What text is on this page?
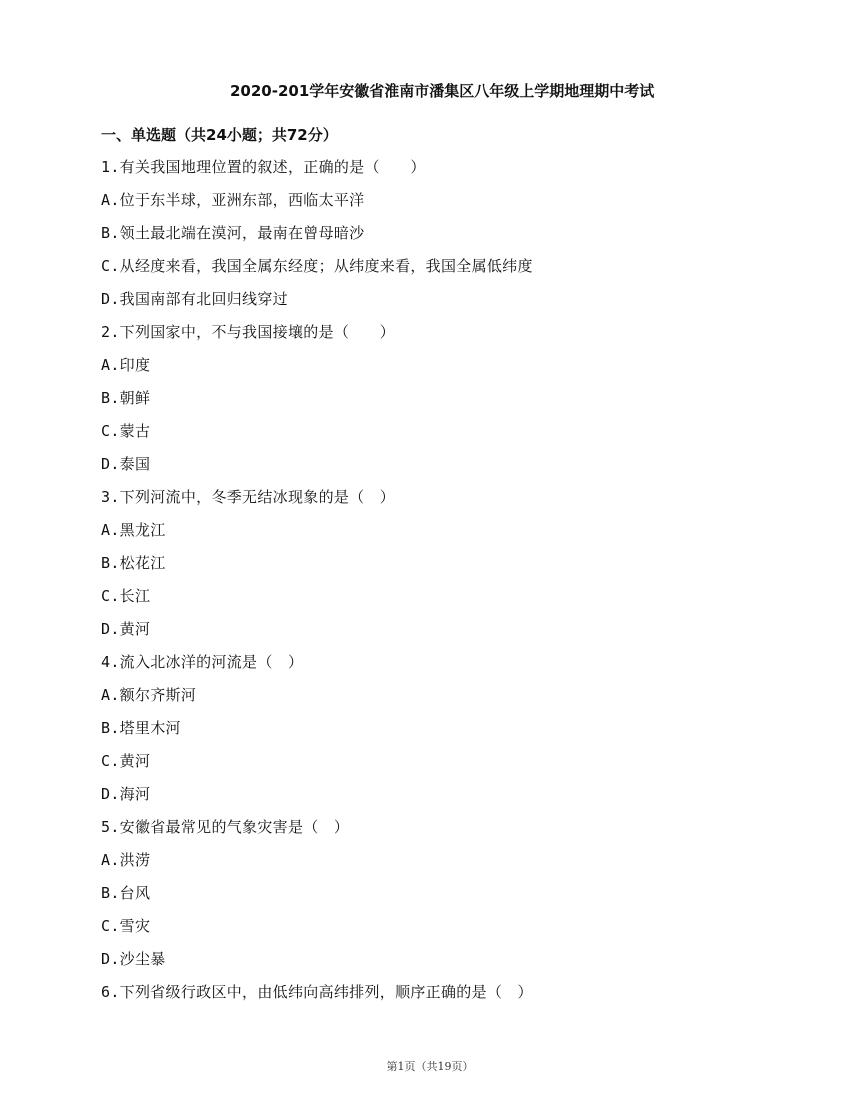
2020-201学年安徽省淮南市潘集区八年级上学期地理期中考试
一、单选题（共24小题；共72分）
1.有关我国地理位置的叙述，正确的是（　　）
A.位于东半球，亚洲东部，西临太平洋
B.领土最北端在漠河，最南在曾母暗沙
C.从经度来看，我国全属东经度；从纬度来看，我国全属低纬度
D.我国南部有北回归线穿过
2.下列国家中，不与我国接壤的是（　　）
A.印度
B.朝鲜
C.蒙古
D.泰国
3.下列河流中，冬季无结冰现象的是（　）
A.黑龙江
B.松花江
C.长江
D.黄河
4.流入北冰洋的河流是（　）
A.额尔齐斯河
B.塔里木河
C.黄河
D.海河
5.安徽省最常见的气象灾害是（　）
A.洪涝
B.台风
C.雪灾
D.沙尘暴
6.下列省级行政区中，由低纬向高纬排列，顺序正确的是（　）
第1页（共19页）
